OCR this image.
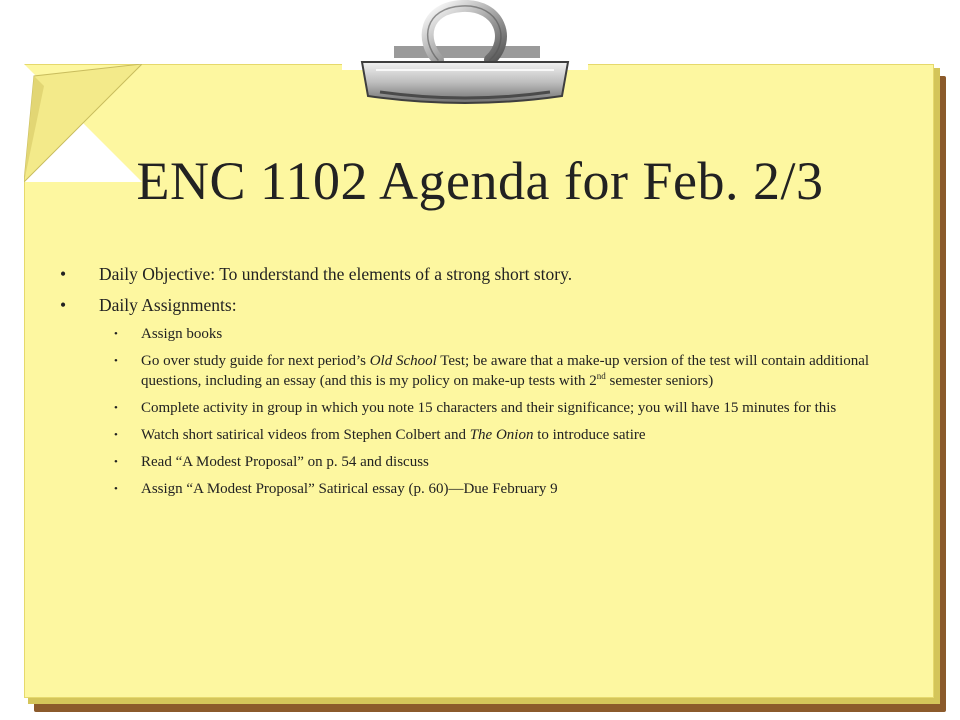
ENC 1102 Agenda for Feb. 2/3
• Daily Objective: To understand the elements of a strong short story.
• Daily Assignments:
• Assign books
• Go over study guide for next period’s Old School Test; be aware that a make-up version of the test will contain additional questions, including an essay (and this is my policy on make-up tests with 2nd semester seniors)
• Complete activity in group in which you note 15 characters and their significance; you will have 15 minutes for this
• Watch short satirical videos from Stephen Colbert and The Onion to introduce satire
• Read “A Modest Proposal” on p. 54 and discuss
• Assign “A Modest Proposal” Satirical essay (p. 60)—Due February 9
